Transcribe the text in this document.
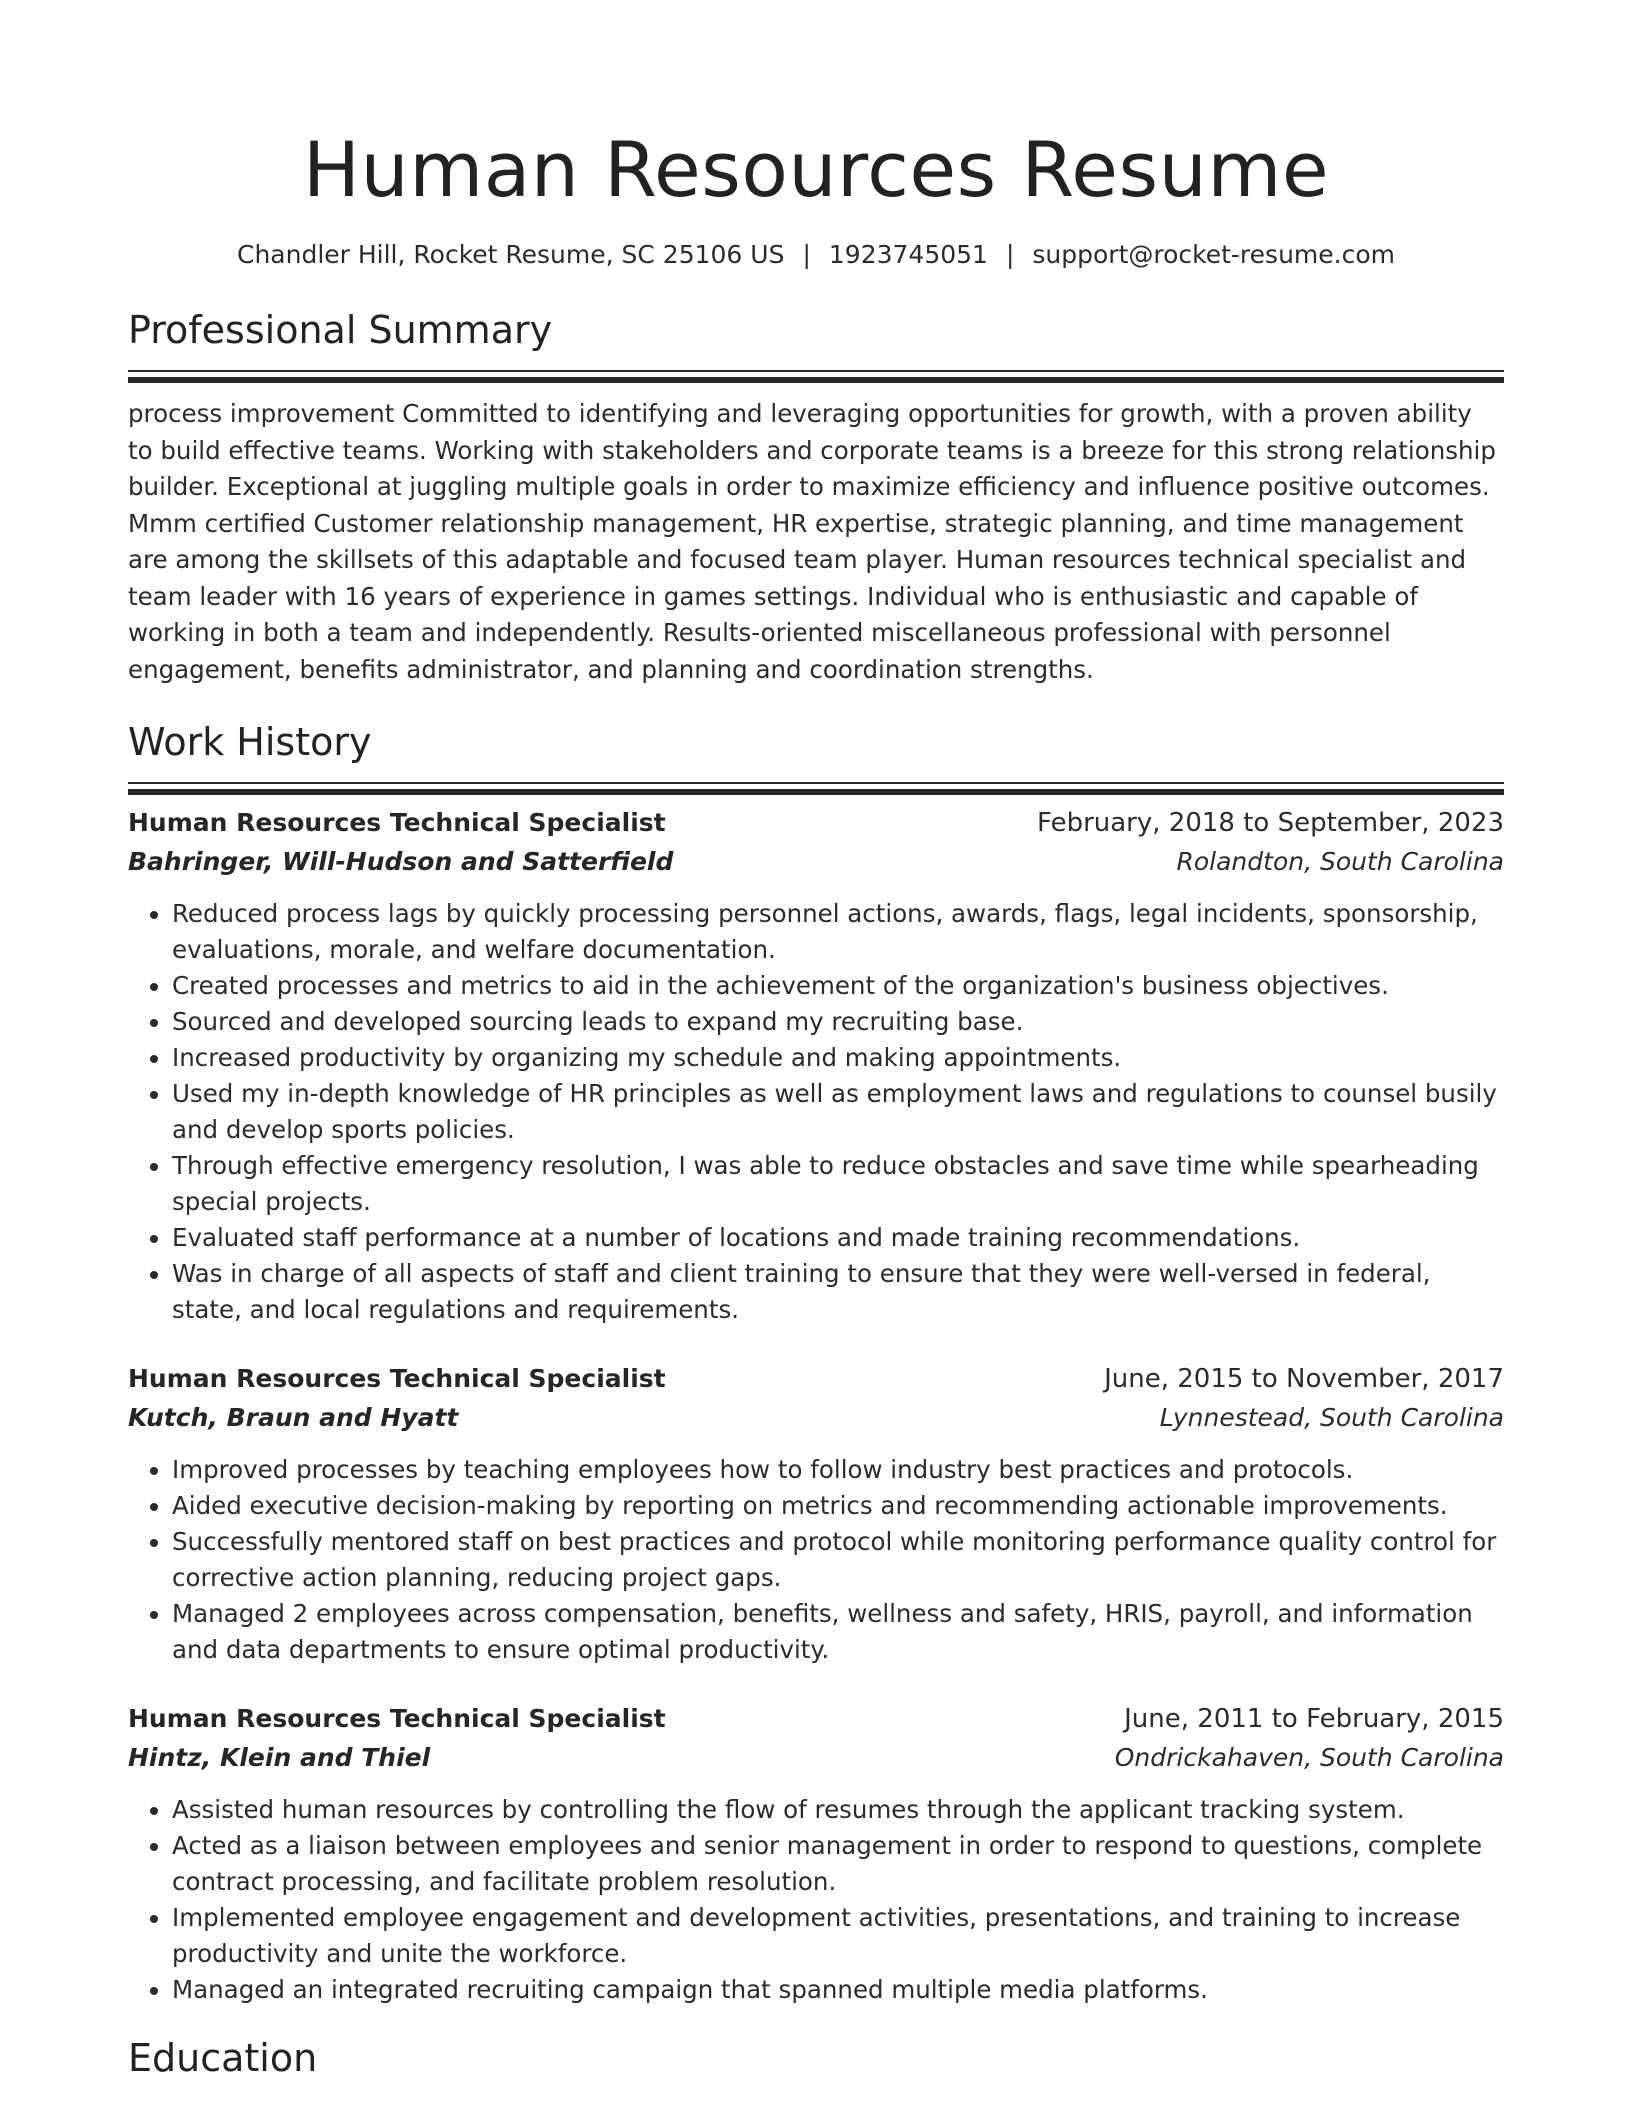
Human Resources Resume
Chandler Hill, Rocket Resume, SC 25106 US | 1923745051 | support@rocket-resume.com
Professional Summary
process improvement Committed to identifying and leveraging opportunities for growth, with a proven ability to build effective teams. Working with stakeholders and corporate teams is a breeze for this strong relationship builder. Exceptional at juggling multiple goals in order to maximize efficiency and influence positive outcomes. Mmm certified Customer relationship management, HR expertise, strategic planning, and time management are among the skillsets of this adaptable and focused team player. Human resources technical specialist and team leader with 16 years of experience in games settings. Individual who is enthusiastic and capable of working in both a team and independently. Results-oriented miscellaneous professional with personnel engagement, benefits administrator, and planning and coordination strengths.
Work History
Human Resources Technical Specialist	February, 2018 to September, 2023
Bahringer, Will-Hudson and Satterfield	Rolandton, South Carolina
• Reduced process lags by quickly processing personnel actions, awards, flags, legal incidents, sponsorship, evaluations, morale, and welfare documentation.
• Created processes and metrics to aid in the achievement of the organization's business objectives.
• Sourced and developed sourcing leads to expand my recruiting base.
• Increased productivity by organizing my schedule and making appointments.
• Used my in-depth knowledge of HR principles as well as employment laws and regulations to counsel busily and develop sports policies.
• Through effective emergency resolution, I was able to reduce obstacles and save time while spearheading special projects.
• Evaluated staff performance at a number of locations and made training recommendations.
• Was in charge of all aspects of staff and client training to ensure that they were well-versed in federal, state, and local regulations and requirements.
Human Resources Technical Specialist	June, 2015 to November, 2017
Kutch, Braun and Hyatt	Lynnestead, South Carolina
• Improved processes by teaching employees how to follow industry best practices and protocols.
• Aided executive decision-making by reporting on metrics and recommending actionable improvements.
• Successfully mentored staff on best practices and protocol while monitoring performance quality control for corrective action planning, reducing project gaps.
• Managed 2 employees across compensation, benefits, wellness and safety, HRIS, payroll, and information and data departments to ensure optimal productivity.
Human Resources Technical Specialist	June, 2011 to February, 2015
Hintz, Klein and Thiel	Ondrickahaven, South Carolina
• Assisted human resources by controlling the flow of resumes through the applicant tracking system.
• Acted as a liaison between employees and senior management in order to respond to questions, complete contract processing, and facilitate problem resolution.
• Implemented employee engagement and development activities, presentations, and training to increase productivity and unite the workforce.
• Managed an integrated recruiting campaign that spanned multiple media platforms.
Education
